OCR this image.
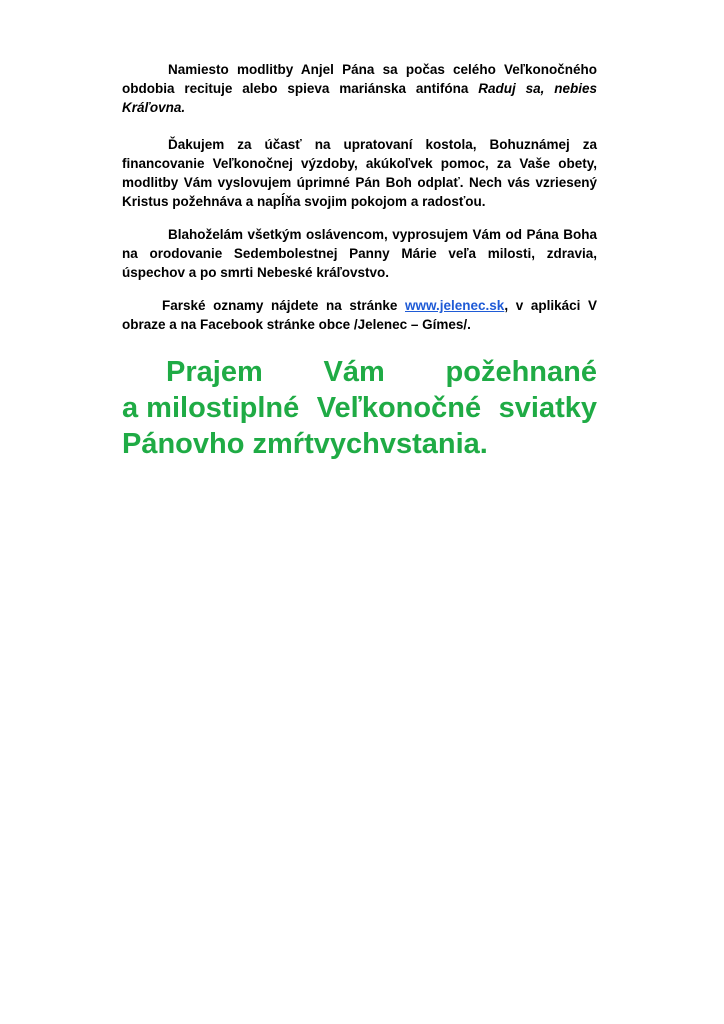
Namiesto modlitby Anjel Pána sa počas celého Veľkonočného obdobia recituje alebo spieva mariánska antifóna Raduj sa, nebies Kráľovna.

Ďakujem za účasť na upratovaní kostola, Bohuznámej za financovanie Veľkonočnej výzdoby, akúkoľvek pomoc, za Vaše obety, modlitby Vám vyslovujem úprimné Pán Boh odplať. Nech vás vzriesený Kristus požehnáva a napĺňa svojim pokojom a radosťou.

Blahoželám všetkým oslávencom, vyprosujem Vám od Pána Boha na orodovanie Sedembolestnej Panny Márie veľa milosti, zdravia, úspechov a po smrti Nebeské kráľovstvo.

Farské oznamy nájdete na stránke www.jelenec.sk, v aplikáci V obraze a na Facebook stránke obce /Jelenec – Gímes/.

Prajem Vám požehnané
a milostiplné Veľkonočné sviatky
Pánovho zmŕtvychvstania.
